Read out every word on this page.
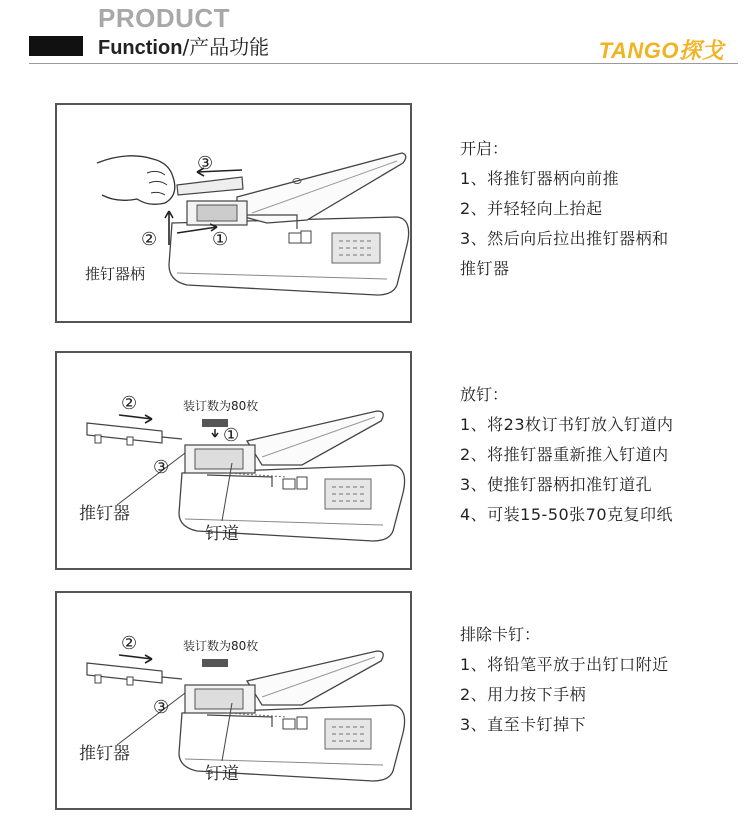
PRODUCT
Function/产品功能	TANGO探戈
③
②	①
推钉器柄
装订数为80枚
①
②
③
推钉器
钉道
装订数为80枚
②
③
推钉器
钉道
开启：
1、将推钉器柄向前推
2、并轻轻向上抬起
3、然后向后拉出推钉器柄和
推钉器
放钉：
1、将23枚订书钉放入钉道内
2、将推钉器重新推入钉道内
3、使推钉器柄扣准钉道孔
4、可装15-50张70克复印纸
排除卡钉：
1、将铅笔平放于出钉口附近
2、用力按下手柄
3、直至卡钉掉下
